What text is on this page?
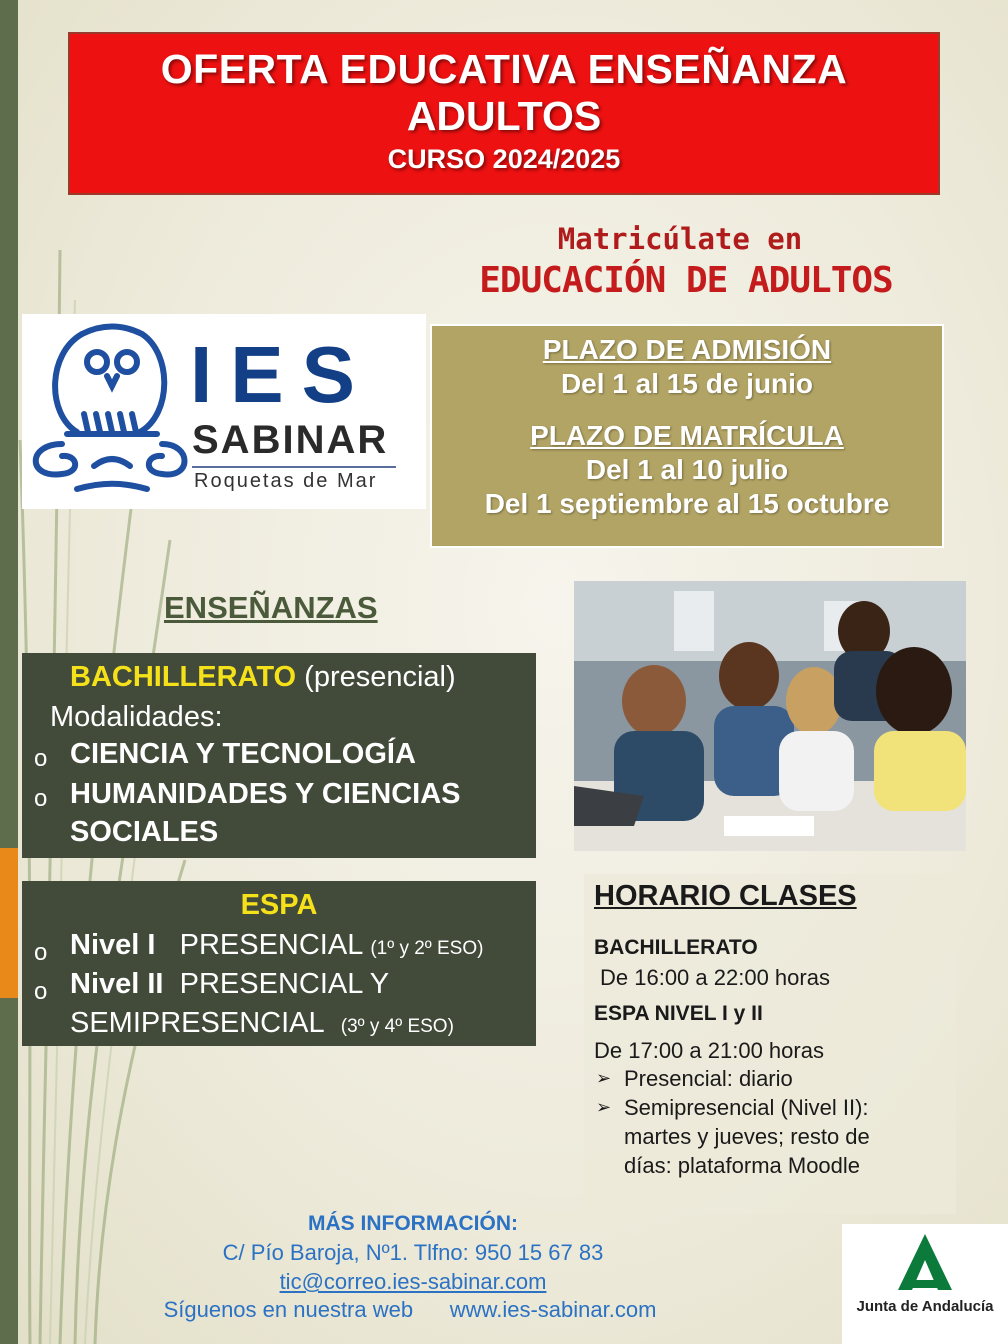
OFERTA EDUCATIVA ENSEÑANZA
ADULTOS
CURSO 2024/2025
Matricúlate en
EDUCACIÓN DE ADULTOS
IES
SABINAR
Roquetas de Mar
PLAZO DE ADMISIÓN
Del 1 al 15 de junio
PLAZO DE MATRÍCULA
Del 1 al 10 julio
Del 1 septiembre al 15 octubre
ENSEÑANZAS
BACHILLERATO (presencial)
Modalidades:
o CIENCIA Y TECNOLOGÍA
o HUMANIDADES Y CIENCIAS
SOCIALES
ESPA
o Nivel I PRESENCIAL (1º y 2º ESO)
o Nivel II PRESENCIAL Y
SEMIPRESENCIAL (3º y 4º ESO)
HORARIO CLASES
BACHILLERATO
De 16:00 a 22:00 horas
ESPA NIVEL I y II
De 17:00 a 21:00 horas
➢ Presencial: diario
➢ Semipresencial (Nivel II):
martes y jueves; resto de
días: plataforma Moodle
MÁS INFORMACIÓN:
C/ Pío Baroja, Nº1. Tlfno: 950 15 67 83
tic@correo.ies-sabinar.com
Síguenos en nuestra web www.ies-sabinar.com	Junta de Andalucía
